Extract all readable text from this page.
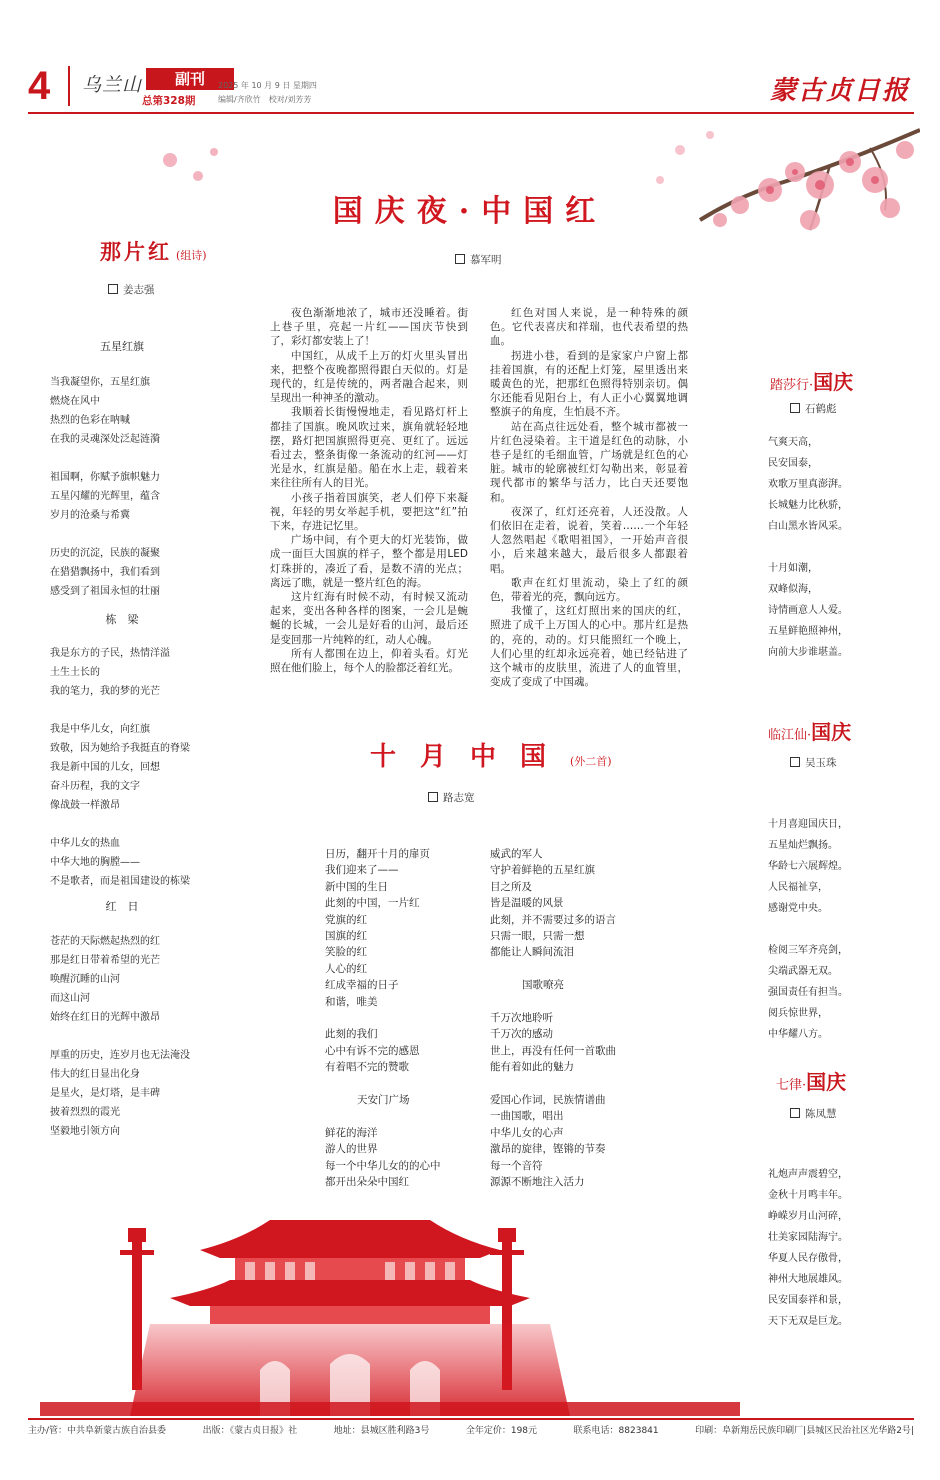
4 乌兰山	副刊
总第328期
2025 年 10 月 9 日 星期四
编辑/齐欣竹　校对/刘芳芳	蒙古贞日报
国庆夜·中国红
那片红 (组诗)
姜志强
五星红旗

当我凝望你，五星红旗

燃烧在风中

热烈的色彩在呐喊

在我的灵魂深处泛起涟漪

祖国啊，你赋予旗帜魅力

五星闪耀的光辉里，蕴含

岁月的沧桑与希冀

历史的沉淀，民族的凝聚

在猎猎飘扬中，我们看到

感受到了祖国永恒的壮丽

栋　梁

我是东方的子民，热情洋溢

土生土长的

我的笔力，我的梦的光芒

我是中华儿女，向红旗

致敬，因为她给予我挺直的脊梁

我是新中国的儿女，回想

奋斗历程，我的文字

像战鼓一样激昂

中华儿女的热血

中华大地的胸膛——

不是歌者，而是祖国建设的栋梁

红　日

苍茫的天际燃起热烈的红

那是红日带着希望的光芒

唤醒沉睡的山河

而这山河

始终在红日的光辉中激昂

厚重的历史，连岁月也无法淹没

伟大的红日显出化身

是星火，是灯塔，是丰碑

披着烈烈的霞光

坚毅地引领方向

慕军明

夜色渐渐地浓了，城市还没睡着。街上巷子里，亮起一片红——国庆节快到了，彩灯都安装上了！

中国红，从成千上万的灯火里头冒出来，把整个夜晚都照得跟白天似的。灯是现代的，红是传统的，两者融合起来，则呈现出一种神圣的激动。

我顺着长街慢慢地走，看见路灯杆上都挂了国旗。晚风吹过来，旗角就轻轻地摆，路灯把国旗照得更亮、更红了。远远看过去，整条街像一条流动的红河——灯光是水，红旗是船。船在水上走，载着来来往往所有人的目光。

小孩子指着国旗笑，老人们停下来凝视，年轻的男女举起手机，要把这“红”拍下来，存进记忆里。

广场中间，有个更大的灯光装饰，做成一面巨大国旗的样子，整个都是用LED灯珠拼的，凑近了看，是数不清的光点；离远了瞧，就是一整片红色的海。

这片红海有时候不动，有时候又流动起来，变出各种各样的图案，一会儿是蜿蜒的长城，一会儿是好看的山河，最后还是变回那一片纯粹的红，动人心魄。

所有人都围在边上，仰着头看。灯光照在他们脸上，每个人的脸都泛着红光。

红色对国人来说，是一种特殊的颜色。它代表喜庆和祥瑞，也代表希望的热血。

拐进小巷，看到的是家家户户窗上都挂着国旗，有的还配上灯笼，屋里透出来暖黄色的光，把那红色照得特别亲切。偶尔还能看见阳台上，有人正小心翼翼地调整旗子的角度，生怕晨不齐。

站在高点往远处看，整个城市都被一片红色浸染着。主干道是红色的动脉，小巷子是红的毛细血管，广场就是红色的心脏。城市的轮廓被红灯勾勒出来，彰显着现代都市的繁华与活力，比白天还要饱和。

夜深了，红灯还亮着，人还没散。人们依旧在走着，说着，笑着……一个年轻人忽然唱起《歌唱祖国》，一开始声音很小，后来越来越大，最后很多人都跟着唱。

歌声在红灯里流动，染上了红的颜色，带着光的亮，飘向远方。

我懂了，这红灯照出来的国庆的红，照进了成千上万国人的心中。那片红是热的，亮的，动的。灯只能照红一个晚上，人们心里的红却永远亮着，她已经钻进了这个城市的皮肤里，流进了人的血管里，变成了变成了中国魂。

十月中国(外二首)
路志宽

日历，翻开十月的扉页

我们迎来了——

新中国的生日

此刻的中国，一片红

党旗的红

国旗的红

笑脸的红

人心的红

红成幸福的日子

和谐，唯美

此刻的我们

心中有诉不完的感恩

有着唱不完的赞歌

天安门广场

鲜花的海洋

游人的世界

每一个中华儿女的的心中

都开出朵朵中国红

威武的军人

守护着鲜艳的五星红旗

目之所及

皆是温暖的风景

此刻，并不需要过多的语言

只需一眼，只需一想

都能让人瞬间流泪

国歌嘹亮

千万次地聆听

千万次的感动

世上，再没有任何一首歌曲

能有着如此的魅力

爱国心作词，民族情谱曲

一曲国歌，唱出

中华儿女的心声

激昂的旋律，铿锵的节奏

每一个音符

源源不断地注入活力

踏莎行·国庆
石鹤彪

气爽天高，

民安国泰，

欢歌万里真澎湃。

长城魅力比秋骄，

白山黑水皆风采。

十月如潮，

双峰似海，

诗情画意人人爱。

五星鲜艳照神州，

向前大步谁堪盖。

临江仙·国庆
吴玉珠

十月喜迎国庆日，

五星灿烂飘扬。

华龄七六展辉煌。

人民福祉享，

感谢党中央。

检阅三军齐亮剑，

尖端武器无双。

强国责任有担当。

阅兵惊世界，

中华耀八方。

七律·国庆
陈凤慧

礼炮声声震碧空，

金秋十月鸣丰年。

峥嵘岁月山河碎，

壮美家园陆海宁。

华夏人民存傲骨，

神州大地展雄风。

民安国泰祥和景，

天下无双是巨龙。

主办/管：中共阜新蒙古族自治县委	出版：《蒙古贞日报》社	地址：县城区胜利路3号	全年定价：198元	联系电话：8823841	印刷：阜新翔岳民族印刷厂|县城区民治社区光华路2号|
